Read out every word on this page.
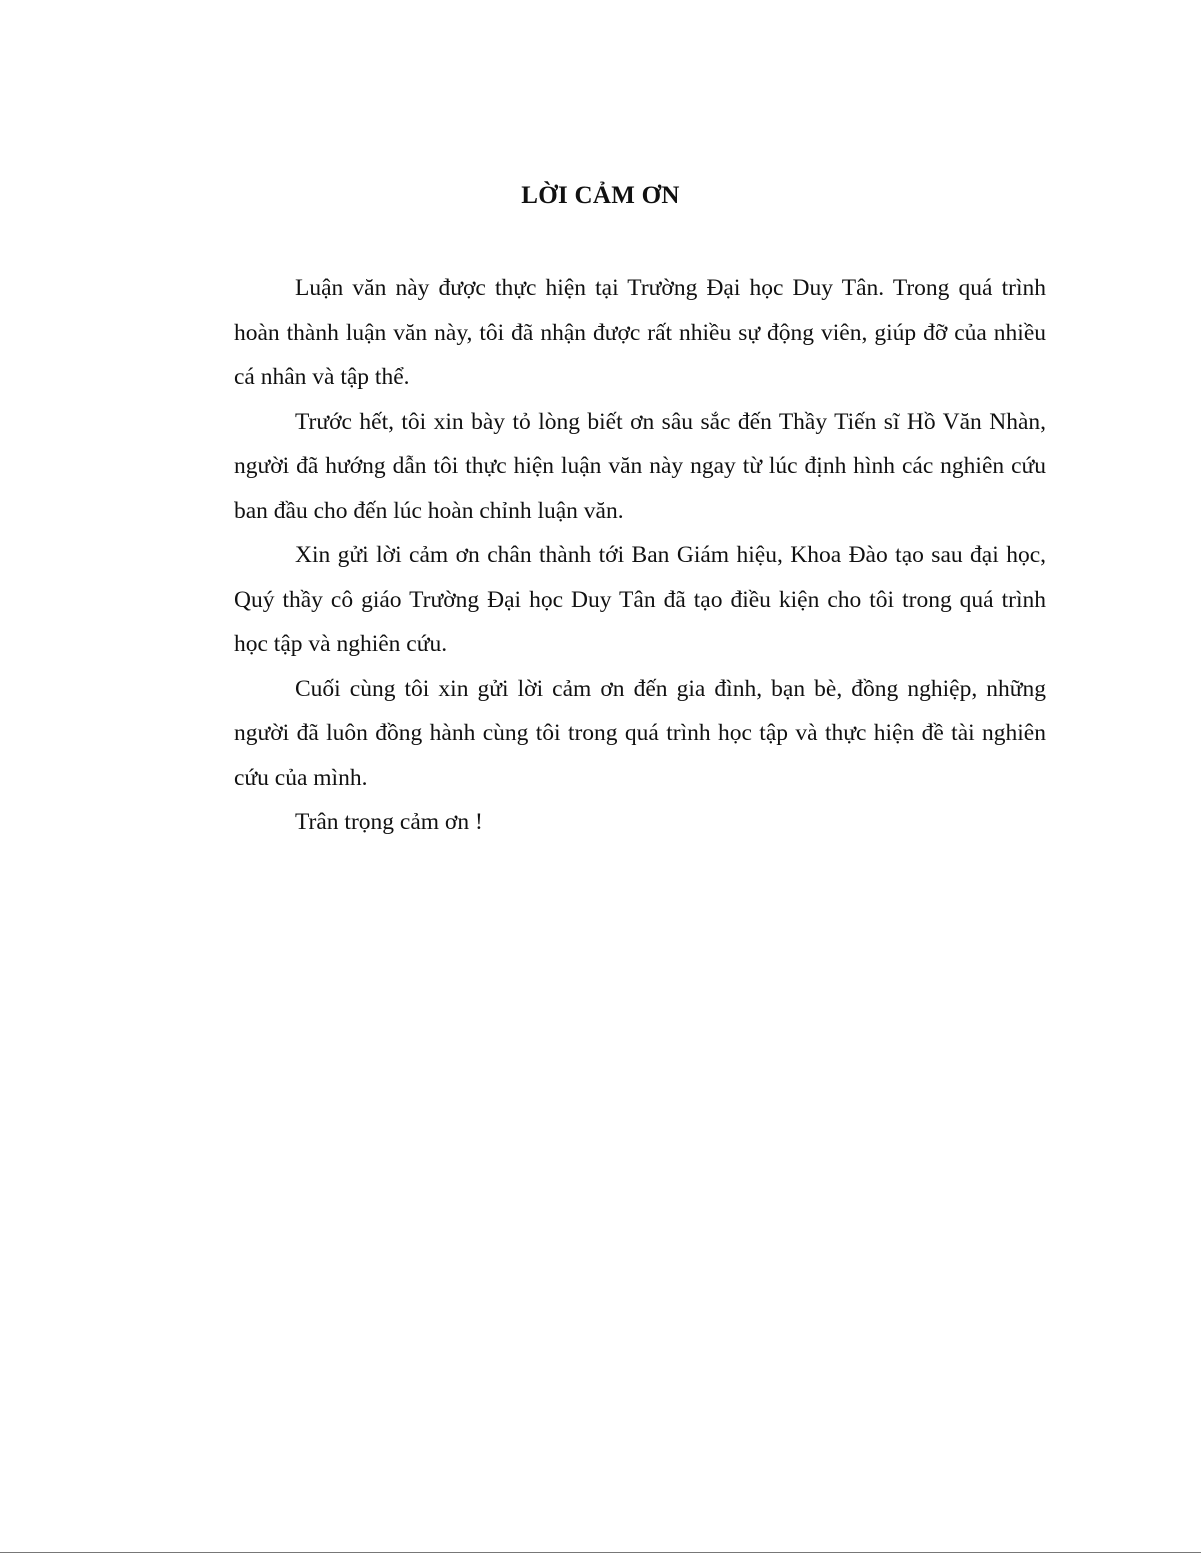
LỜI CẢM ƠN

Luận văn này được thực hiện tại Trường Đại học Duy Tân. Trong quá trình hoàn thành luận văn này, tôi đã nhận được rất nhiều sự động viên, giúp đỡ của nhiều cá nhân và tập thể.

Trước hết, tôi xin bày tỏ lòng biết ơn sâu sắc đến Thầy Tiến sĩ Hồ Văn Nhàn, người đã hướng dẫn tôi thực hiện luận văn này ngay từ lúc định hình các nghiên cứu ban đầu cho đến lúc hoàn chỉnh luận văn.

Xin gửi lời cảm ơn chân thành tới Ban Giám hiệu, Khoa Đào tạo sau đại học, Quý thầy cô giáo Trường Đại học Duy Tân đã tạo điều kiện cho tôi trong quá trình học tập và nghiên cứu.

Cuối cùng tôi xin gửi lời cảm ơn đến gia đình, bạn bè, đồng nghiệp, những người đã luôn đồng hành cùng tôi trong quá trình học tập và thực hiện đề tài nghiên cứu của mình.

Trân trọng cảm ơn !
